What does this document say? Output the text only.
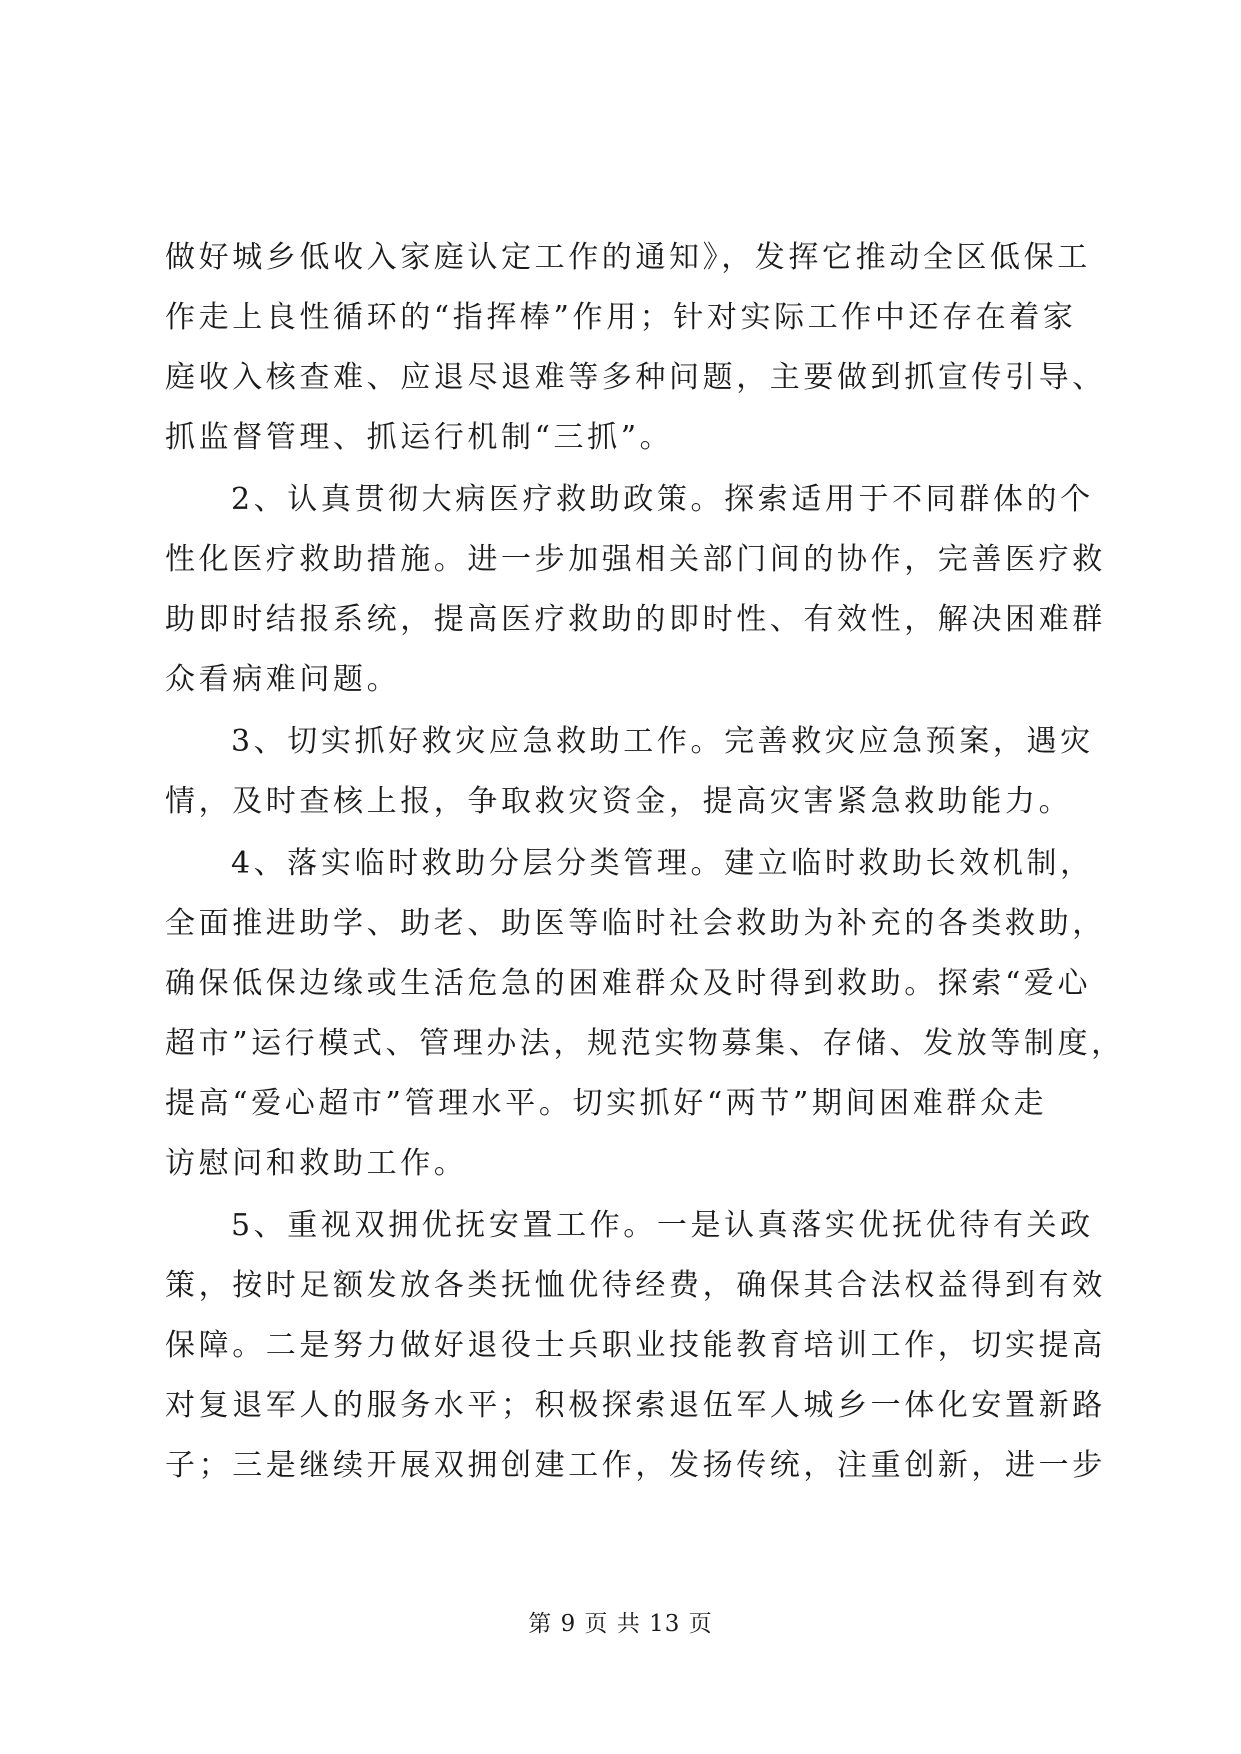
做好城乡低收入家庭认定工作的通知》，发挥它推动全区低保工
作走上良性循环的“指挥棒”作用；针对实际工作中还存在着家
庭收入核查难、应退尽退难等多种问题，主要做到抓宣传引导、
抓监督管理、抓运行机制“三抓”。
2、认真贯彻大病医疗救助政策。探索适用于不同群体的个
性化医疗救助措施。进一步加强相关部门间的协作，完善医疗救
助即时结报系统，提高医疗救助的即时性、有效性，解决困难群
众看病难问题。
3、切实抓好救灾应急救助工作。完善救灾应急预案，遇灾
情，及时查核上报，争取救灾资金，提高灾害紧急救助能力。
4、落实临时救助分层分类管理。建立临时救助长效机制，
全面推进助学、助老、助医等临时社会救助为补充的各类救助，
确保低保边缘或生活危急的困难群众及时得到救助。探索“爱心
超市”运行模式、管理办法，规范实物募集、存储、发放等制度，
提高“爱心超市”管理水平。切实抓好“两节”期间困难群众走
访慰问和救助工作。
5、重视双拥优抚安置工作。一是认真落实优抚优待有关政
策，按时足额发放各类抚恤优待经费，确保其合法权益得到有效
保障。二是努力做好退役士兵职业技能教育培训工作，切实提高
对复退军人的服务水平；积极探索退伍军人城乡一体化安置新路
子；三是继续开展双拥创建工作，发扬传统，注重创新，进一步
第 9 页 共 13 页
